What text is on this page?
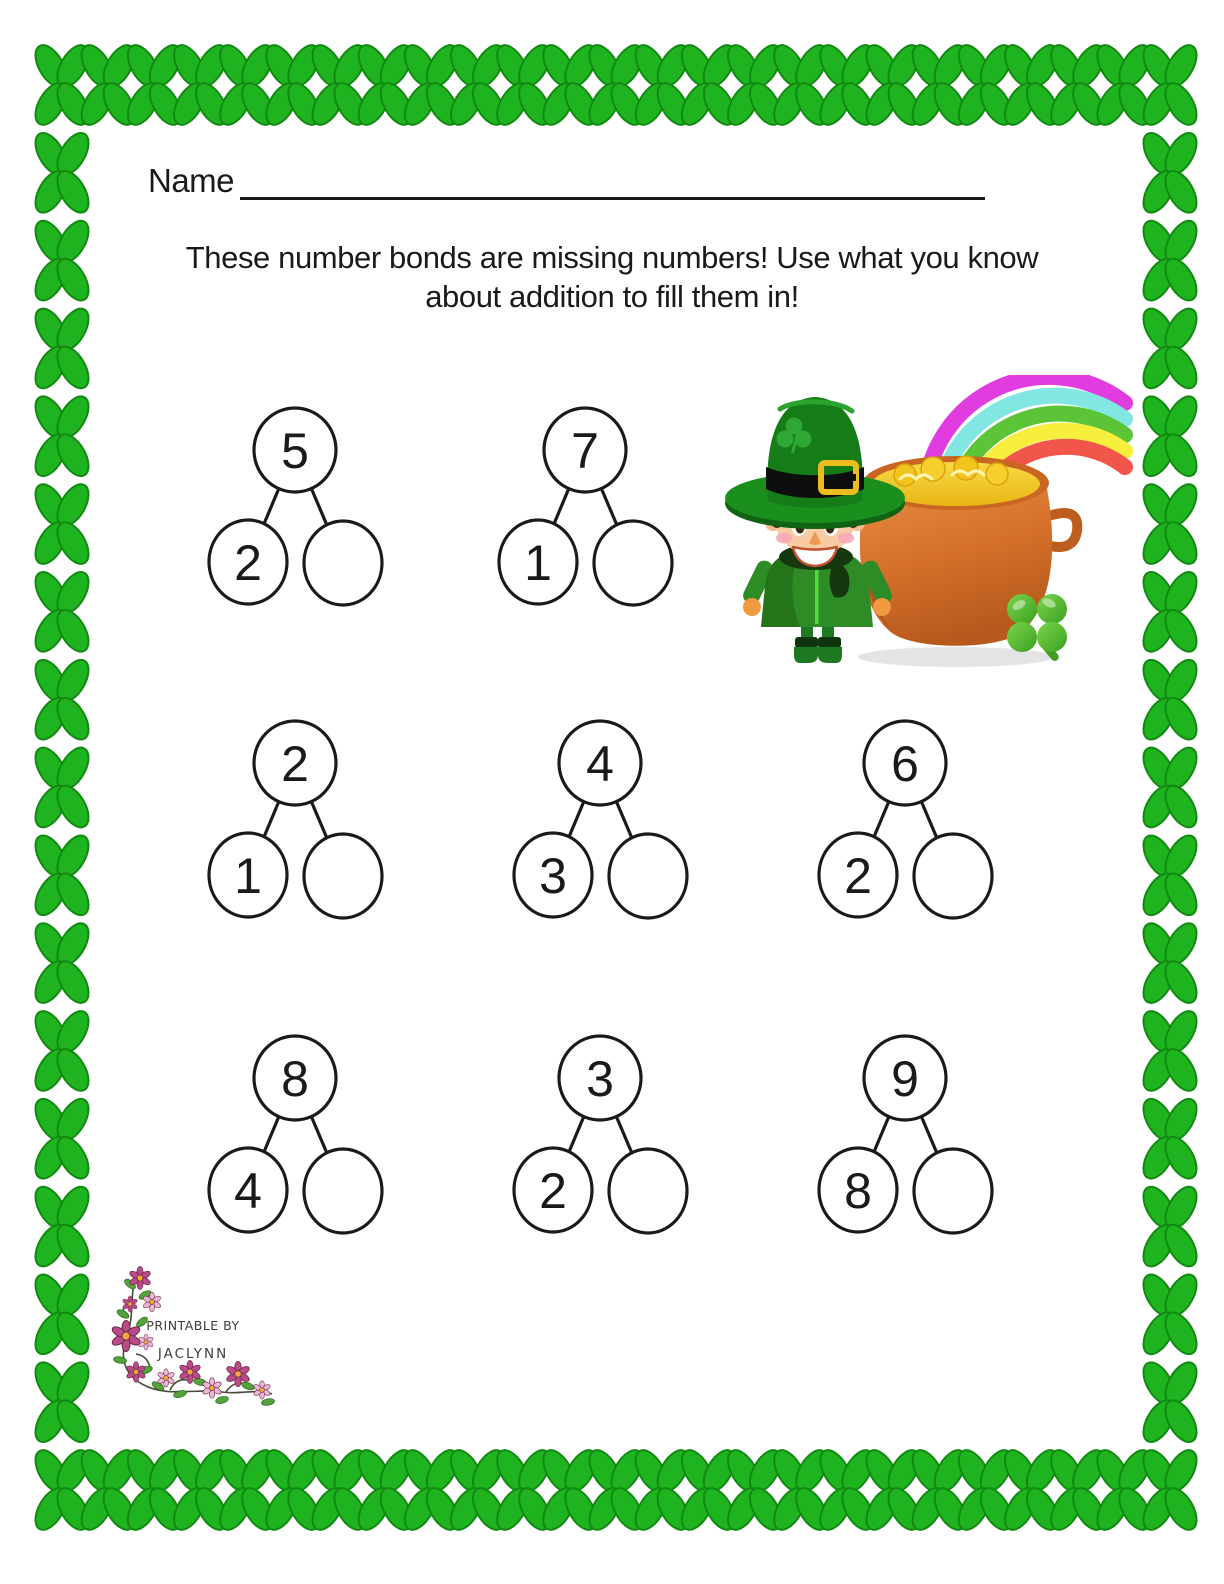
Name
These number bonds are missing numbers! Use what you know
about addition to fill them in!
5
2
7
1
2
1
4
3
6
2
8
4
3
2
9
8
PRINTABLE BY
JACLYNN
